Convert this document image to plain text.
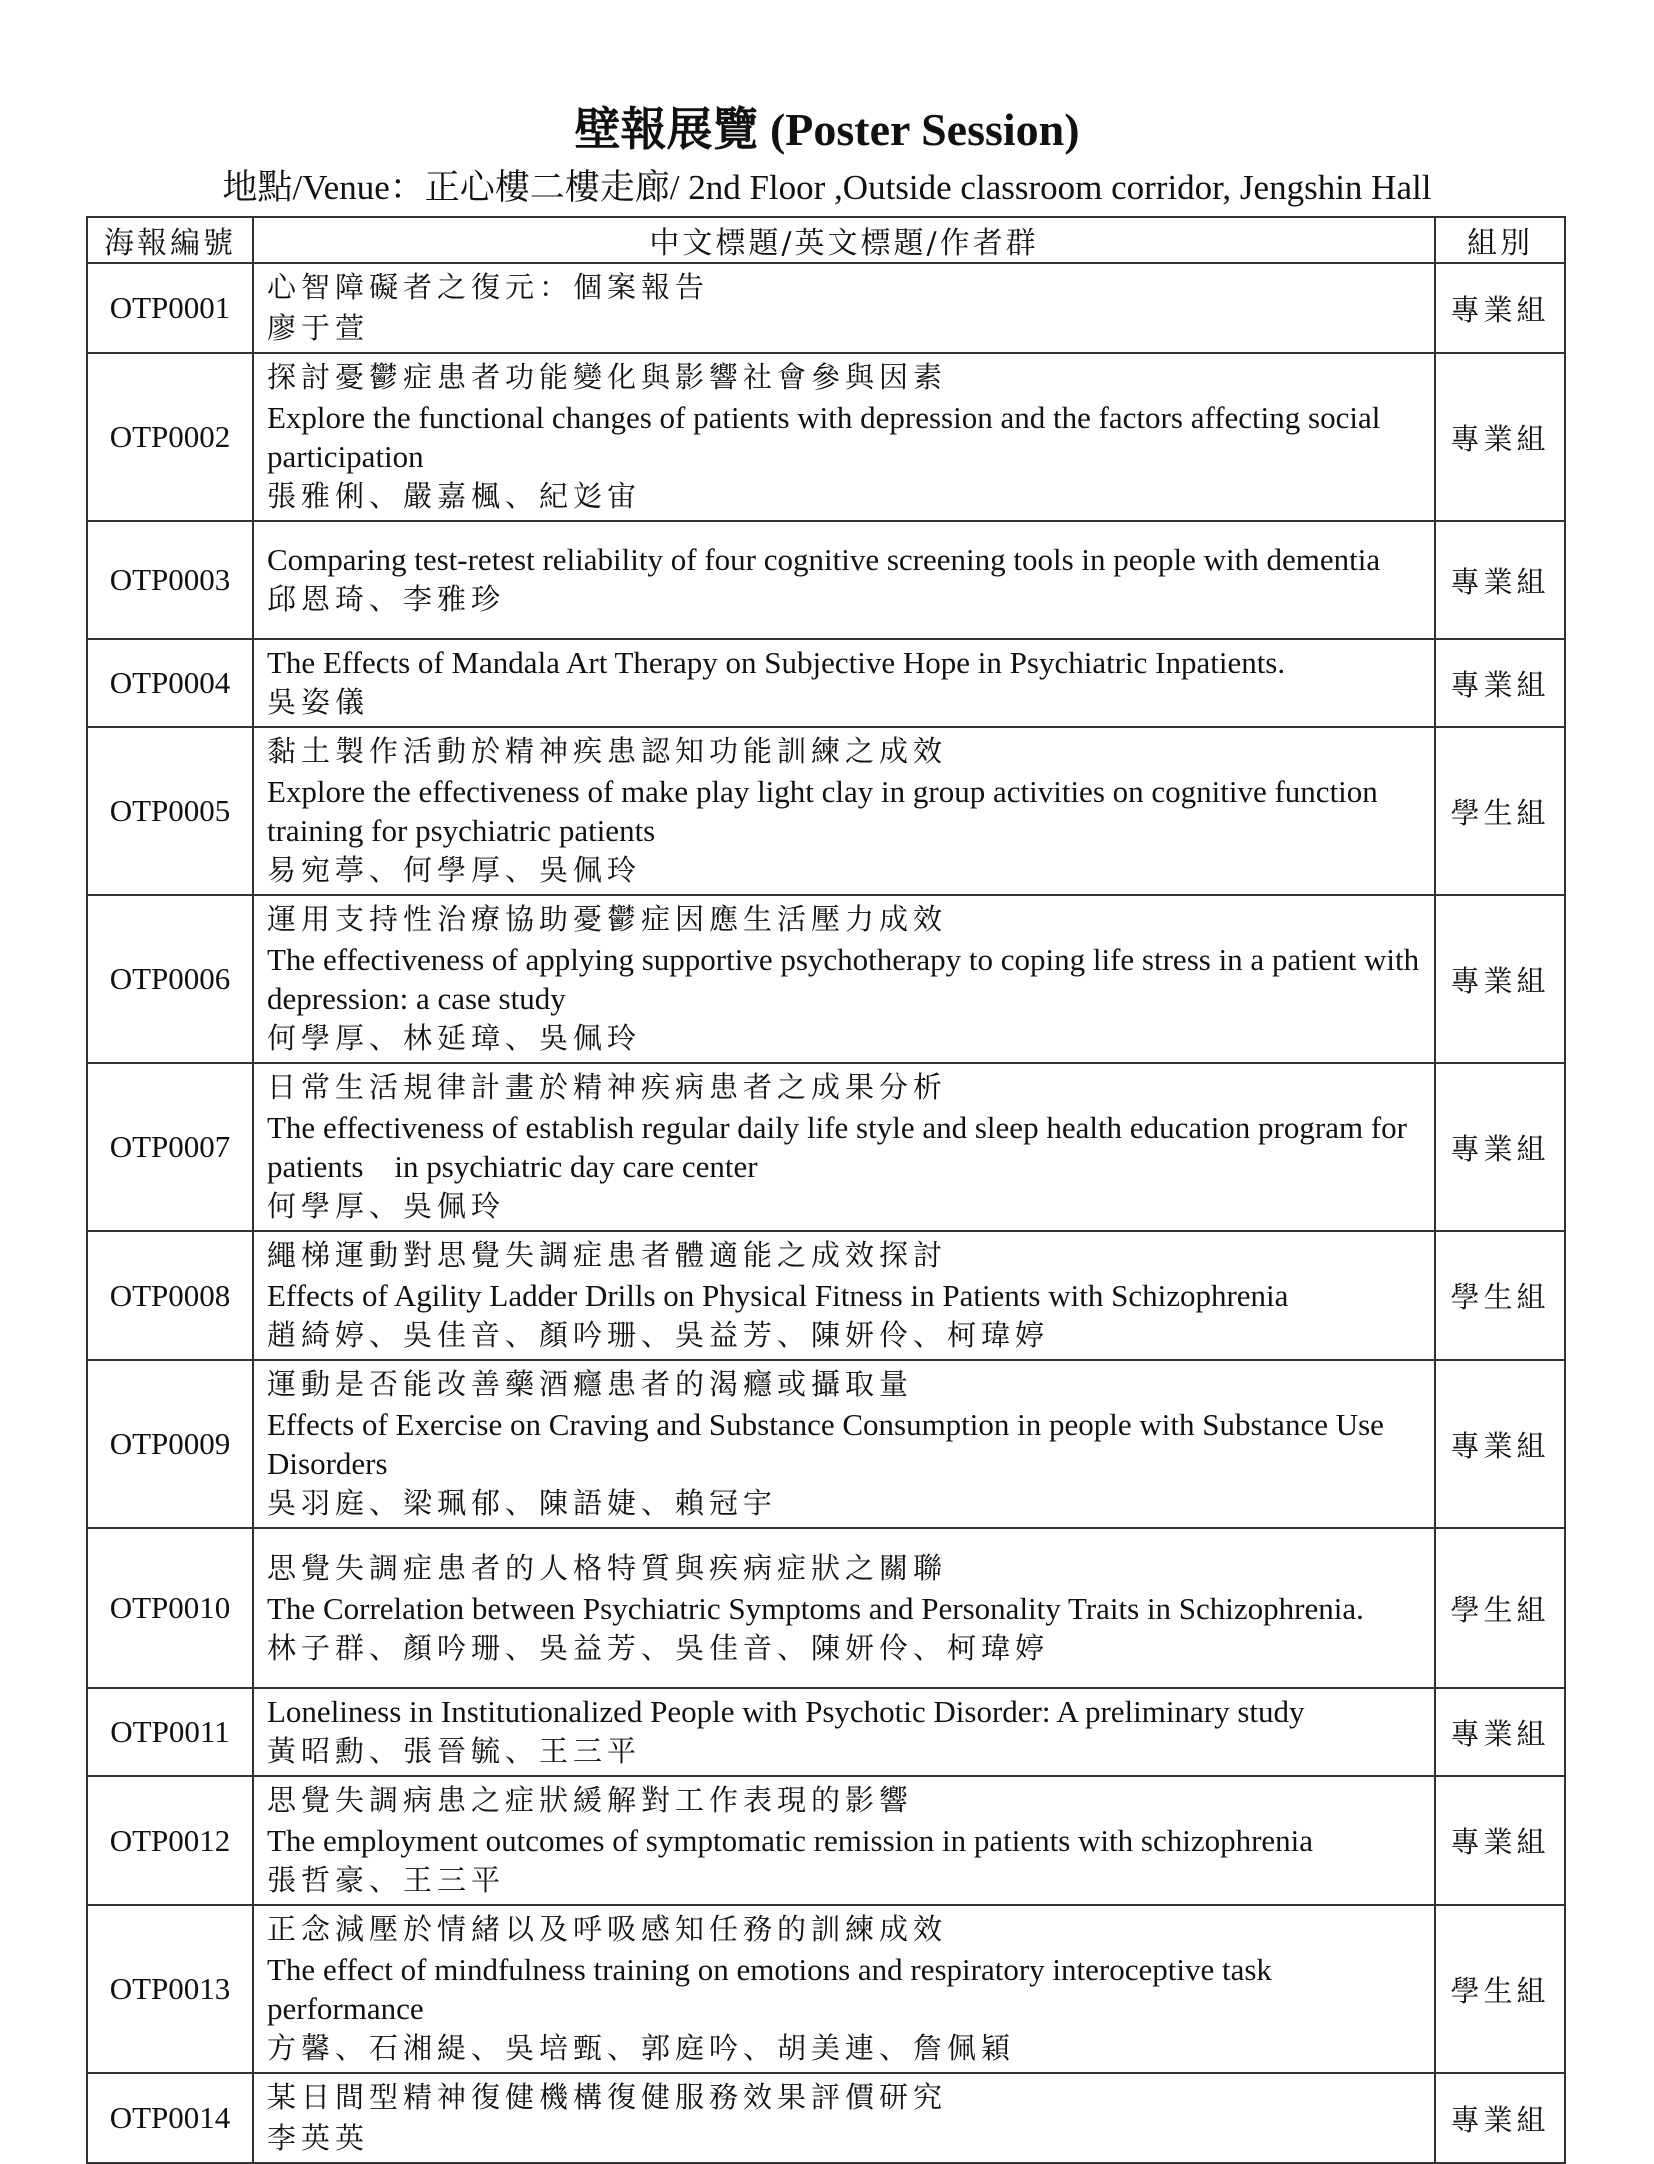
壁報展覽 (Poster Session)
地點/Venue：正心樓二樓走廊/ 2nd Floor ,Outside classroom corridor, Jengshin Hall
海報編號	中文標題/英文標題/作者群	組別
OTP0001	心智障礙者之復元：個案報告
廖于萱	專業組
OTP0002	探討憂鬱症患者功能變化與影響社會參與因素
Explore the functional changes of patients with depression and the factors affecting social participation
張雅俐、嚴嘉楓、紀彣宙	專業組
OTP0003	Comparing test-retest reliability of four cognitive screening tools in people with dementia
邱恩琦、李雅珍	專業組
OTP0004	The Effects of Mandala Art Therapy on Subjective Hope in Psychiatric Inpatients.
吳姿儀	專業組
OTP0005	黏土製作活動於精神疾患認知功能訓練之成效
Explore the effectiveness of make play light clay in group activities on cognitive function training for psychiatric patients
易宛葶、何學厚、吳佩玲	學生組
OTP0006	運用支持性治療協助憂鬱症因應生活壓力成效
The effectiveness of applying supportive psychotherapy to coping life stress in a patient with depression: a case study
何學厚、林延璋、吳佩玲	專業組
OTP0007	日常生活規律計畫於精神疾病患者之成果分析
The effectiveness of establish regular daily life style and sleep health education program for patients　in psychiatric day care center
何學厚、吳佩玲	專業組
OTP0008	繩梯運動對思覺失調症患者體適能之成效探討
Effects of Agility Ladder Drills on Physical Fitness in Patients with Schizophrenia
趙綺婷、吳佳音、顏吟珊、吳益芳、陳妍伶、柯瑋婷	學生組
OTP0009	運動是否能改善藥酒癮患者的渴癮或攝取量
Effects of Exercise on Craving and Substance Consumption in people with Substance Use Disorders
吳羽庭、梁珮郁、陳語婕、賴冠宇	專業組
OTP0010	思覺失調症患者的人格特質與疾病症狀之關聯
The Correlation between Psychiatric Symptoms and Personality Traits in Schizophrenia.
林子群、顏吟珊、吳益芳、吳佳音、陳妍伶、柯瑋婷	學生組
OTP0011	Loneliness in Institutionalized People with Psychotic Disorder: A preliminary study
黃昭勳、張晉毓、王三平	專業組
OTP0012	思覺失調病患之症狀緩解對工作表現的影響
The employment outcomes of symptomatic remission in patients with schizophrenia
張哲豪、王三平	專業組
OTP0013	正念減壓於情緒以及呼吸感知任務的訓練成效
The effect of mindfulness training on emotions and respiratory interoceptive task performance
方馨、石湘緹、吳培甄、郭庭吟、胡美連、詹佩穎	學生組
OTP0014	某日間型精神復健機構復健服務效果評價研究
李英英	專業組
